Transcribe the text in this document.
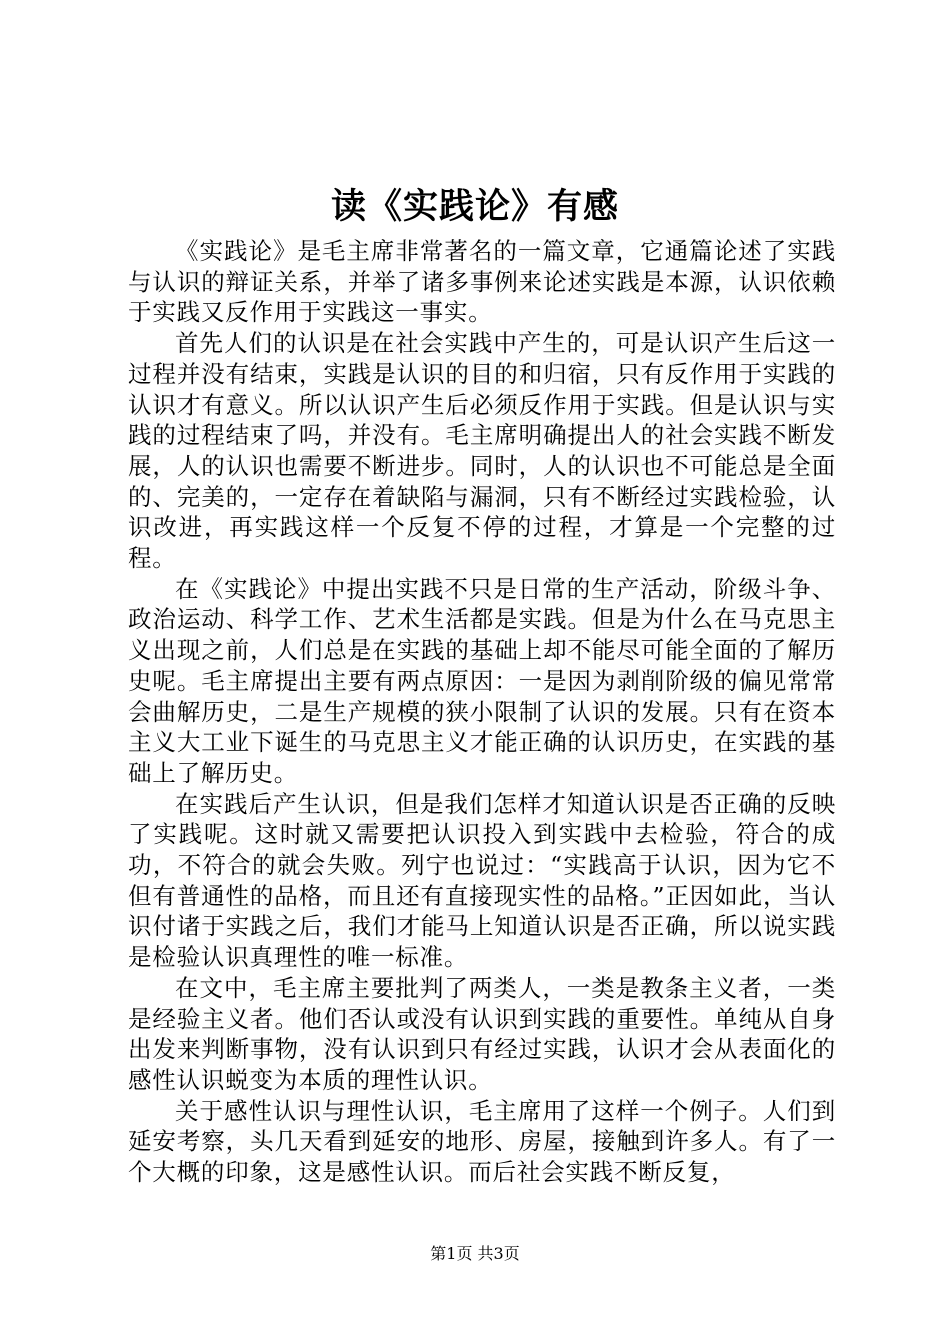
读《实践论》有感

《实践论》是毛主席非常著名的一篇文章，它通篇论述了实践与认识的辩证关系，并举了诸多事例来论述实践是本源，认识依赖于实践又反作用于实践这一事实。

首先人们的认识是在社会实践中产生的，可是认识产生后这一过程并没有结束，实践是认识的目的和归宿，只有反作用于实践的认识才有意义。所以认识产生后必须反作用于实践。但是认识与实践的过程结束了吗，并没有。毛主席明确提出人的社会实践不断发展，人的认识也需要不断进步。同时，人的认识也不可能总是全面的、完美的，一定存在着缺陷与漏洞，只有不断经过实践检验，认识改进，再实践这样一个反复不停的过程，才算是一个完整的过程。

在《实践论》中提出实践不只是日常的生产活动，阶级斗争、政治运动、科学工作、艺术生活都是实践。但是为什么在马克思主义出现之前，人们总是在实践的基础上却不能尽可能全面的了解历史呢。毛主席提出主要有两点原因：一是因为剥削阶级的偏见常常会曲解历史，二是生产规模的狭小限制了认识的发展。只有在资本主义大工业下诞生的马克思主义才能正确的认识历史，在实践的基础上了解历史。

在实践后产生认识，但是我们怎样才知道认识是否正确的反映了实践呢。这时就又需要把认识投入到实践中去检验，符合的成功，不符合的就会失败。列宁也说过：“实践高于认识，因为它不但有普通性的品格，而且还有直接现实性的品格。”正因如此，当认识付诸于实践之后，我们才能马上知道认识是否正确，所以说实践是检验认识真理性的唯一标准。

在文中，毛主席主要批判了两类人，一类是教条主义者，一类是经验主义者。他们否认或没有认识到实践的重要性。单纯从自身出发来判断事物，没有认识到只有经过实践，认识才会从表面化的感性认识蜕变为本质的理性认识。

关于感性认识与理性认识，毛主席用了这样一个例子。人们到延安考察，头几天看到延安的地形、房屋，接触到许多人。有了一个大概的印象，这是感性认识。而后社会实践不断反复，

第1页 共3页
